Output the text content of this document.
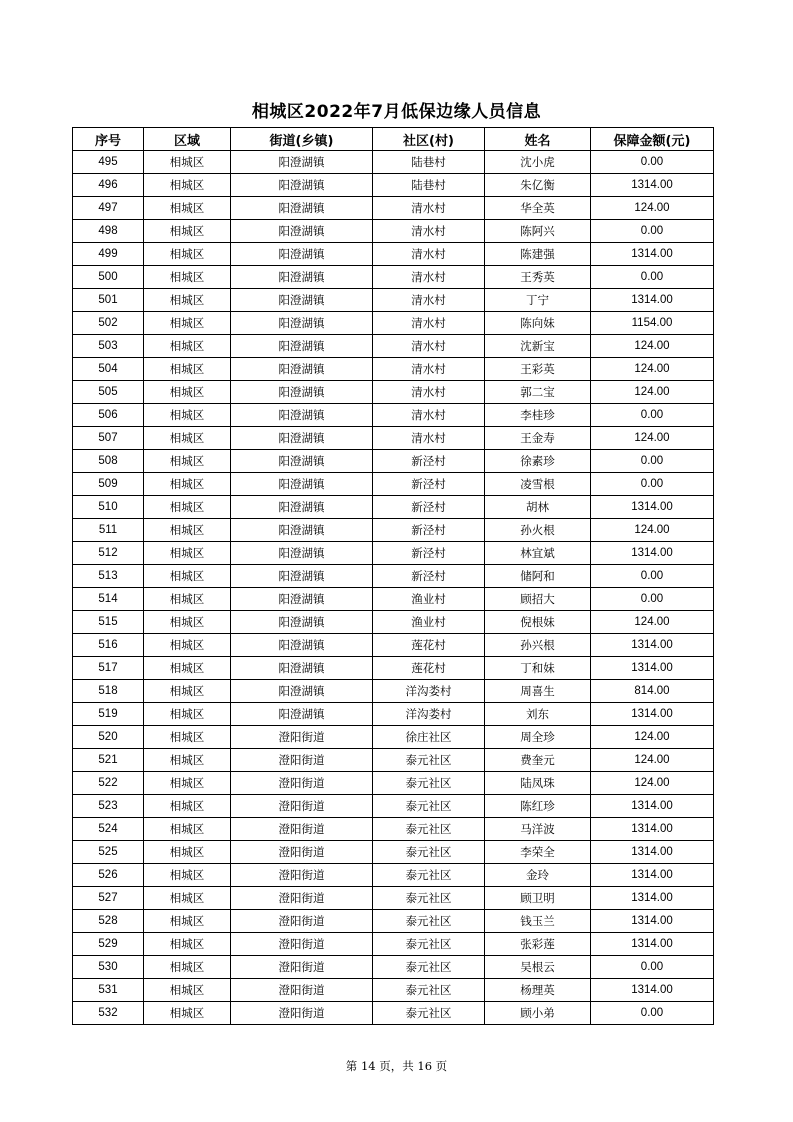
相城区2022年7月低保边缘人员信息
序号	区域	街道(乡镇)	社区(村)	姓名	保障金额(元)
495	相城区	阳澄湖镇	陆巷村	沈小虎	0.00
496	相城区	阳澄湖镇	陆巷村	朱亿衡	1314.00
497	相城区	阳澄湖镇	清水村	华全英	124.00
498	相城区	阳澄湖镇	清水村	陈阿兴	0.00
499	相城区	阳澄湖镇	清水村	陈建强	1314.00
500	相城区	阳澄湖镇	清水村	王秀英	0.00
501	相城区	阳澄湖镇	清水村	丁宁	1314.00
502	相城区	阳澄湖镇	清水村	陈向妹	1154.00
503	相城区	阳澄湖镇	清水村	沈新宝	124.00
504	相城区	阳澄湖镇	清水村	王彩英	124.00
505	相城区	阳澄湖镇	清水村	郭二宝	124.00
506	相城区	阳澄湖镇	清水村	李桂珍	0.00
507	相城区	阳澄湖镇	清水村	王金寿	124.00
508	相城区	阳澄湖镇	新泾村	徐素珍	0.00
509	相城区	阳澄湖镇	新泾村	凌雪根	0.00
510	相城区	阳澄湖镇	新泾村	胡林	1314.00
511	相城区	阳澄湖镇	新泾村	孙火根	124.00
512	相城区	阳澄湖镇	新泾村	林宜斌	1314.00
513	相城区	阳澄湖镇	新泾村	储阿和	0.00
514	相城区	阳澄湖镇	渔业村	顾招大	0.00
515	相城区	阳澄湖镇	渔业村	倪根妹	124.00
516	相城区	阳澄湖镇	莲花村	孙兴根	1314.00
517	相城区	阳澄湖镇	莲花村	丁和妹	1314.00
518	相城区	阳澄湖镇	洋沟娄村	周喜生	814.00
519	相城区	阳澄湖镇	洋沟娄村	刘东	1314.00
520	相城区	澄阳街道	徐庄社区	周全珍	124.00
521	相城区	澄阳街道	泰元社区	费奎元	124.00
522	相城区	澄阳街道	泰元社区	陆凤珠	124.00
523	相城区	澄阳街道	泰元社区	陈红珍	1314.00
524	相城区	澄阳街道	泰元社区	马洋波	1314.00
525	相城区	澄阳街道	泰元社区	李荣全	1314.00
526	相城区	澄阳街道	泰元社区	金玲	1314.00
527	相城区	澄阳街道	泰元社区	顾卫明	1314.00
528	相城区	澄阳街道	泰元社区	钱玉兰	1314.00
529	相城区	澄阳街道	泰元社区	张彩莲	1314.00
530	相城区	澄阳街道	泰元社区	吴根云	0.00
531	相城区	澄阳街道	泰元社区	杨理英	1314.00
532	相城区	澄阳街道	泰元社区	顾小弟	0.00
第 14 页，共 16 页
